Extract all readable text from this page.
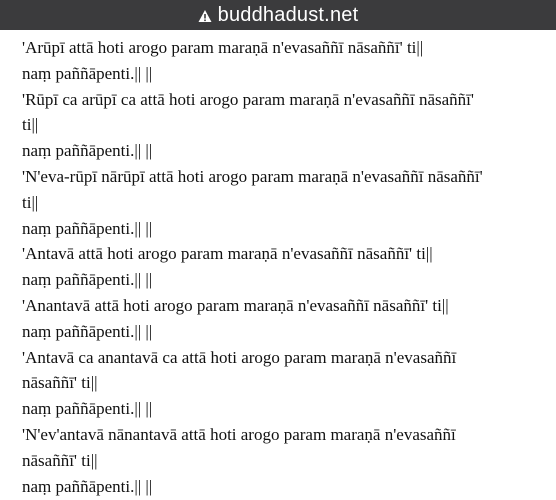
buddhadust.net
'Arūpī attā hoti arogo param maraṇā n'evasaññī nāsaññī' ti||
naṃ paññāpenti.|| ||
'Rūpī ca arūpī ca attā hoti arogo param maraṇā n'evasaññī nāsaññī'
ti||
naṃ paññāpenti.|| ||
'N'eva-rūpī nārūpī attā hoti arogo param maraṇā n'evasaññī nāsaññī'
ti||
naṃ paññāpenti.|| ||
'Antavā attā hoti arogo param maraṇā n'evasaññī nāsaññī' ti||
naṃ paññāpenti.|| ||
'Anantavā attā hoti arogo param maraṇā n'evasaññī nāsaññī' ti||
naṃ paññāpenti.|| ||
'Antavā ca anantavā ca attā hoti arogo param maraṇā n'evasaññī
nāsaññī' ti||
naṃ paññāpenti.|| ||
'N'ev'antavā nānantavā attā hoti arogo param maraṇā n'evasaññī
nāsaññī' ti||
naṃ paññāpenti.|| ||
